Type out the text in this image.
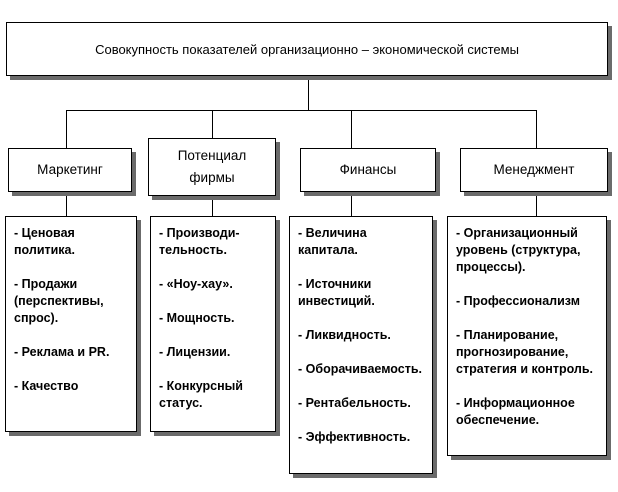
Совокупность показателей организационно – экономической системы
Маркетинг
Потенциал фирмы
Финансы	Менеджмент

- Ценовая политика.

- Продажи (перспективы, спрос).

- Реклама и PR.

- Качество

- Производи-тельность.

- «Ноу-хау».

- Мощность.

- Лицензии.

- Конкурсный статус.

- Величина капитала.

- Источники инвестиций.

- Ликвидность.

- Оборачиваемость.

- Рентабельность.

- Эффективность.

- Организационный уровень (структура, процессы).

- Профессионализм

- Планирование, прогнозирование, стратегия и контроль.

- Информационное обеспечение.
